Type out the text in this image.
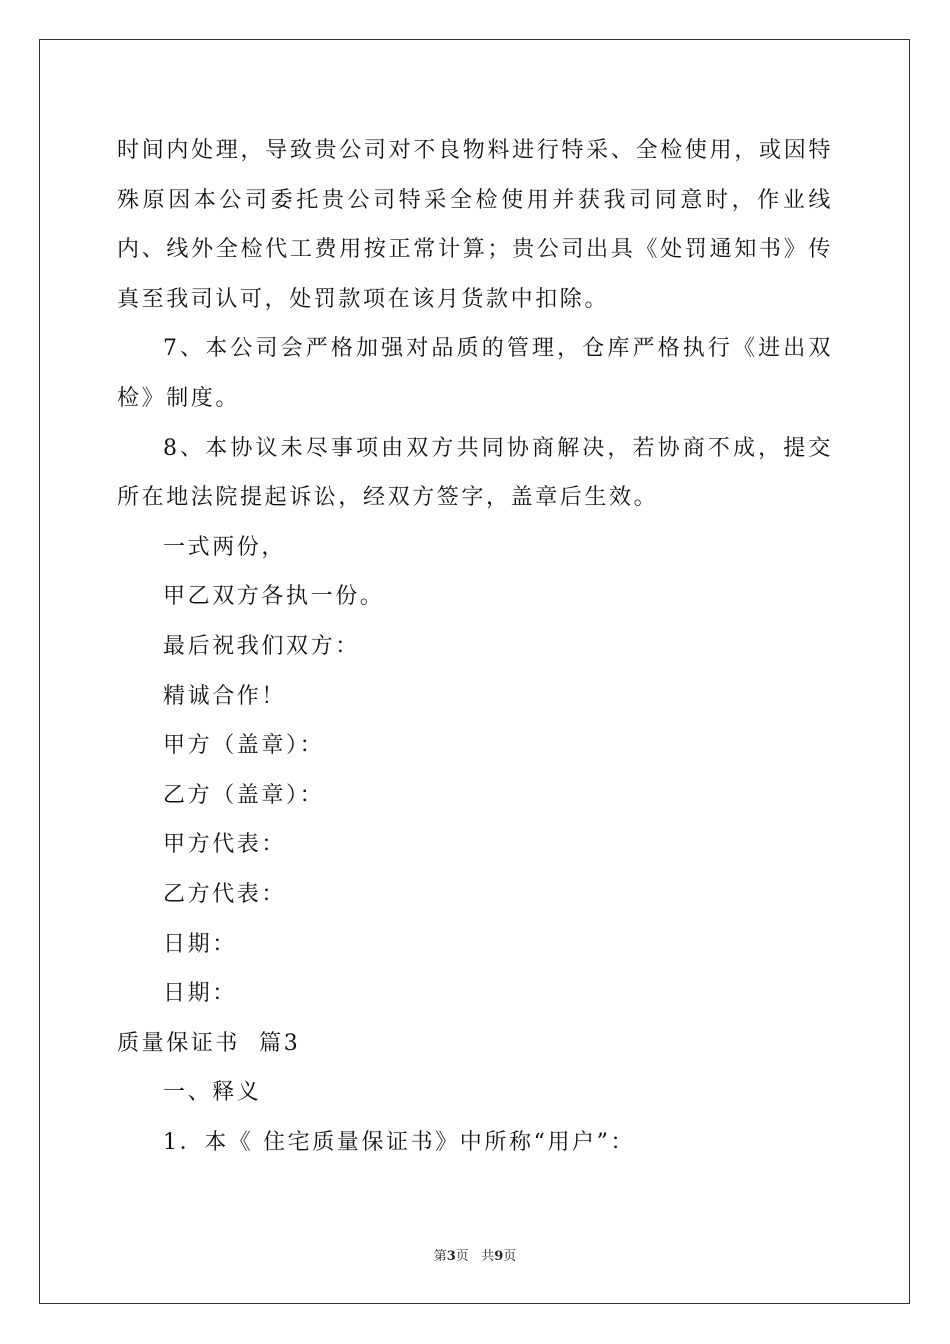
时间内处理，导致贵公司对不良物料进行特采、全检使用，或因特殊原因本公司委托贵公司特采全检使用并获我司同意时，作业线内、线外全检代工费用按正常计算；贵公司出具《处罚通知书》传真至我司认可，处罚款项在该月货款中扣除。

7、本公司会严格加强对品质的管理，仓库严格执行《进出双检》制度。

8、本协议未尽事项由双方共同协商解决，若协商不成，提交所在地法院提起诉讼，经双方签字，盖章后生效。

一式两份，

甲乙双方各执一份。

最后祝我们双方：

精诚合作！

甲方（盖章）：

乙方（盖章）：

甲方代表：

乙方代表：

日期：

日期：

质量保证书  篇3

一、释义

1．本《 住宅质量保证书》中所称“用户”：

第3页 共9页
